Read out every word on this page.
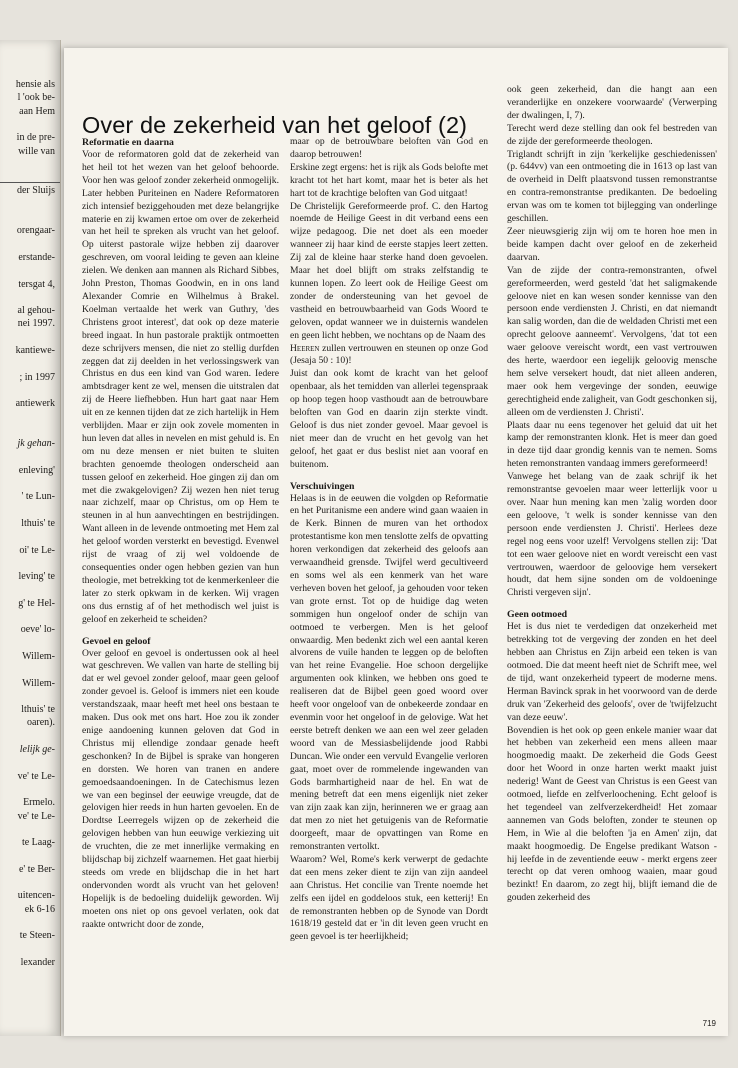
hensie als
l 'ook be-
aan Hem
in de pre-
wille van
der Sluijs
orengaar-
erstande-
tersgat 4,
al gehou-
nei 1997.
kantiewe-
; in 1997
antiewerk
jk gehan-
enleving'
' te Lun-
lthuis' te
oi' te Le-
leving' te
g' te Hel-
oeve' lo-
Willem-
Willem-
lthuis' te
oaren).
lelijk ge-
ve' te Le-
Ermelo.
ve' te Le-
te Laag-
e' te Ber-
uitencen-
ek 6-16
te Steen-
lexander
Over de zekerheid van het geloof (2)
Reformatie en daarna

Voor de reformatoren gold dat de zekerheid van het heil tot het wezen van het geloof behoorde. Voor hen was geloof zonder zekerheid onmogelijk. Later hebben Puriteinen en Nadere Reformatoren zich intensief beziggehouden met deze belangrijke materie en zij kwamen ertoe om over de zekerheid van het heil te spreken als vrucht van het geloof. Op uiterst pastorale wijze hebben zij daarover geschreven, om vooral leiding te geven aan kleine zielen. We denken aan mannen als Richard Sibbes, John Preston, Thomas Goodwin, en in ons land Alexander Comrie en Wilhelmus à Brakel. Koelman vertaalde het werk van Guthry, 'des Christens groot interest', dat ook op deze materie breed ingaat. In hun pastorale praktijk ontmoetten deze schrijvers mensen, die niet zo stellig durfden zeggen dat zij deelden in het verlossingswerk van Christus en dus een kind van God waren. Iedere ambtsdrager kent ze wel, mensen die uitstralen dat zij de Heere liefhebben. Hun hart gaat naar Hem uit en ze kennen tijden dat ze zich hartelijk in Hem verblijden. Maar er zijn ook zovele momenten in hun leven dat alles in nevelen en mist gehuld is. En om nu deze mensen er niet buiten te sluiten brachten genoemde theologen onderscheid aan tussen geloof en zekerheid. Hoe gingen zij dan om met die zwakgelovigen? Zij wezen hen niet terug naar zichzelf, maar op Christus, om op Hem te steunen in al hun aanvechtingen en bestrijdingen. Want alleen in de levende ontmoeting met Hem zal het geloof worden versterkt en bevestigd. Evenwel rijst de vraag of zij wel voldoende de consequenties onder ogen hebben gezien van hun theologie, met betrekking tot de kenmerkenleer die later zo sterk opkwam in de kerken. Wij vragen ons dus ernstig af of het methodisch wel juist is geloof en zekerheid te scheiden?

Gevoel en geloof

Over geloof en gevoel is ondertussen ook al heel wat geschreven. We vallen van harte de stelling bij dat er wel gevoel zonder geloof, maar geen geloof zonder gevoel is. Geloof is immers niet een koude verstandszaak, maar heeft met heel ons bestaan te maken. Dus ook met ons hart. Hoe zou ik zonder enige aandoening kunnen geloven dat God in Christus mij ellendige zondaar genade heeft geschonken? In de Bijbel is sprake van hongeren en dorsten. We horen van tranen en andere gemoedsaandoeningen. In de Catechismus lezen we van een beginsel der eeuwige vreugde, dat de gelovigen hier reeds in hun harten gevoelen. En de Dordtse Leerregels wijzen op de zekerheid die gelovigen hebben van hun eeuwige verkiezing uit de vruchten, die ze met innerlijke vermaking en blijdschap bij zichzelf waarnemen. Het gaat hierbij steeds om vrede en blijdschap die in het hart ondervonden wordt als vrucht van het geloven! Hopelijk is de bedoeling duidelijk geworden. Wij moeten ons niet op ons gevoel verlaten, ook dat raakte ontwricht door de zonde,

maar op de betrouwbare beloften van God en daarop betrouwen!

Erskine zegt ergens: het is rijk als Gods belofte met kracht tot het hart komt, maar het is beter als het hart tot de krachtige beloften van God uitgaat!

De Christelijk Gereformeerde prof. C. den Hartog noemde de Heilige Geest in dit verband eens een wijze pedagoog. Die net doet als een moeder wanneer zij haar kind de eerste stapjes leert zetten. Zij zal de kleine haar sterke hand doen gevoelen. Maar het doel blijft om straks zelfstandig te kunnen lopen. Zo leert ook de Heilige Geest om zonder de ondersteuning van het gevoel de vastheid en betrouwbaarheid van Gods Woord te geloven, opdat wanneer we in duisternis wandelen en geen licht hebben, we nochtans op de Naam des

Heeren zullen vertrouwen en steunen op onze God (Jesaja 50 : 10)!

Juist dan ook komt de kracht van het geloof openbaar, als het temidden van allerlei tegenspraak op hoop tegen hoop vasthoudt aan de betrouwbare beloften van God en daarin zijn sterkte vindt. Geloof is dus niet zonder gevoel. Maar gevoel is niet meer dan de vrucht en het gevolg van het geloof, het gaat er dus beslist niet aan vooraf en buitenom.

Verschuivingen

Helaas is in de eeuwen die volgden op Reformatie en het Puritanisme een andere wind gaan waaien in de Kerk. Binnen de muren van het orthodox protestantisme kon men tenslotte zelfs de opvatting horen verkondigen dat zekerheid des geloofs aan verwaandheid grensde. Twijfel werd gecultiveerd en soms wel als een kenmerk van het ware verheven boven het geloof, ja gehouden voor teken van grote ernst. Tot op de huidige dag weten sommigen hun ongeloof onder de schijn van ootmoed te verbergen. Men is het geloof onwaardig. Men bedenkt zich wel een aantal keren alvorens de vuile handen te leggen op de beloften van het reine Evangelie. Hoe schoon dergelijke argumenten ook klinken, we hebben ons goed te realiseren dat de Bijbel geen goed woord over heeft voor ongeloof van de onbekeerde zondaar en evenmin voor het ongeloof in de gelovige. Wat het eerste betreft denken we aan een wel zeer geladen woord van de Messiasbelijdende jood Rabbi Duncan. Wie onder een vervuld Evangelie verloren gaat, moet over de rommelende ingewanden van Gods barmhartigheid naar de hel. En wat de mening betreft dat een mens eigenlijk niet zeker van zijn zaak kan zijn, herinneren we er graag aan dat men zo niet het getuigenis van de Reformatie doorgeeft, maar de opvattingen van Rome en remonstranten vertolkt.

Waarom? Wel, Rome's kerk verwerpt de gedachte dat een mens zeker dient te zijn van zijn aandeel aan Christus. Het concilie van Trente noemde het zelfs een ijdel en goddeloos stuk, een ketterij! En de remonstranten hebben op de Synode van Dordt 1618/19 gesteld dat er 'in dit leven geen vrucht en geen gevoel is ter heerlijkheid;

ook geen zekerheid, dan die hangt aan een veranderlijke en onzekere voorwaarde' (Verwerping der dwalingen, I, 7).

Terecht werd deze stelling dan ook fel bestreden van de zijde der gereformeerde theologen.

Triglandt schrijft in zijn 'kerkelijke geschiedenissen' (p. 644vv) van een ontmoeting die in 1613 op last van de overheid in Delft plaatsvond tussen remonstrantse en contra-remonstrantse predikanten. De bedoeling ervan was om te komen tot bijlegging van onderlinge geschillen.

Zeer nieuwsgierig zijn wij om te horen hoe men in beide kampen dacht over geloof en de zekerheid daarvan.

Van de zijde der contra-remonstranten, ofwel gereformeerden, werd gesteld 'dat het saligmakende geloove niet en kan wesen sonder kennisse van den persoon ende verdiensten J. Christi, en dat niemandt kan salig worden, dan die de weldaden Christi met een oprecht geloove aanneemt'. Vervolgens, 'dat tot een waer geloove vereischt wordt, een vast vertrouwen des herte, waerdoor een iegelijk geloovig mensche hem selve versekert houdt, dat niet alleen anderen, maer ook hem vergevinge der sonden, eeuwige gerechtigheid ende zaligheit, van Godt geschonken sij, alleen om de verdiensten J. Christi'.

Plaats daar nu eens tegenover het geluid dat uit het kamp der remonstranten klonk. Het is meer dan goed in deze tijd daar grondig kennis van te nemen. Soms heten remonstranten vandaag immers gereformeerd!

Vanwege het belang van de zaak schrijf ik het remonstrantse gevoelen maar weer letterlijk voor u over. Naar hun mening kan men 'zalig worden door een geloove, 't welk is sonder kennisse van den persoon ende verdiensten J. Christi'. Herlees deze regel nog eens voor uzelf! Vervolgens stellen zij: 'Dat tot een waer geloove niet en wordt vereischt een vast vertrouwen, waerdoor de geloovige hem versekert houdt, dat hem sijne sonden om de voldoeninge Christi vergeven sijn'.

Geen ootmoed

Het is dus niet te verdedigen dat onzekerheid met betrekking tot de vergeving der zonden en het deel hebben aan Christus en Zijn arbeid een teken is van ootmoed. Die dat meent heeft niet de Schrift mee, wel de tijd, want onzekerheid typeert de moderne mens. Herman Bavinck sprak in het voorwoord van de derde druk van 'Zekerheid des geloofs', over de 'twijfelzucht van deze eeuw'.

Bovendien is het ook op geen enkele manier waar dat het hebben van zekerheid een mens alleen maar hoogmoedig maakt. De zekerheid die Gods Geest door het Woord in onze harten werkt maakt juist nederig! Want de Geest van Christus is een Geest van ootmoed, liefde en zelfverloochening. Echt geloof is het tegendeel van zelfverzekerdheid! Het zomaar aannemen van Gods beloften, zonder te steunen op Hem, in Wie al die beloften 'ja en Amen' zijn, dat maakt hoogmoedig. De Engelse predikant Watson - hij leefde in de zeventiende eeuw - merkt ergens zeer terecht op dat veren omhoog waaien, maar goud bezinkt! En daarom, zo zegt hij, blijft iemand die de gouden zekerheid des

719
